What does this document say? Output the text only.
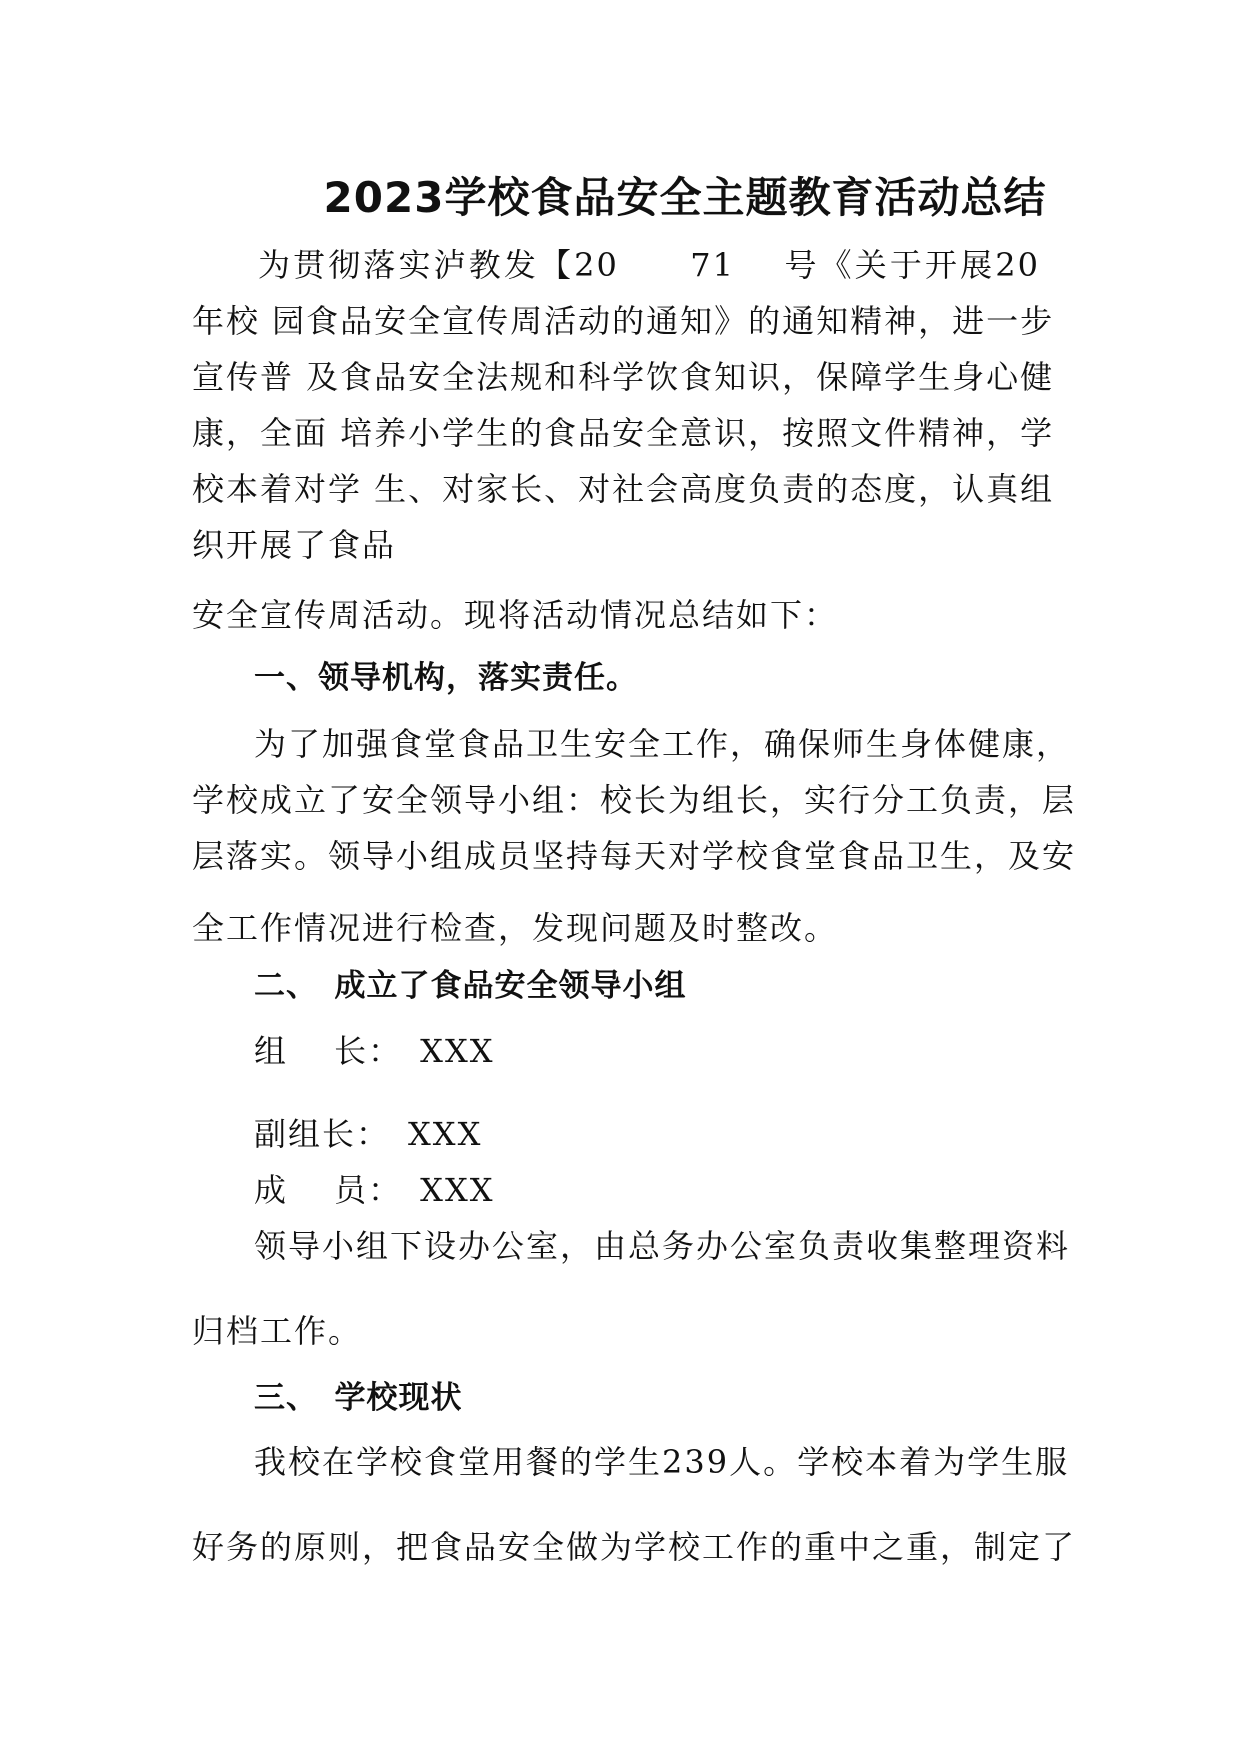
2023学校食品安全主题教育活动总结
为贯彻落实泸教发【20　　71　 号《关于开展20
年校 园食品安全宣传周活动的通知》的通知精神，进一步
宣传普 及食品安全法规和科学饮食知识，保障学生身心健
康，全面 培养小学生的食品安全意识，按照文件精神，学
校本着对学 生、对家长、对社会高度负责的态度，认真组
织开展了食品
安全宣传周活动。现将活动情况总结如下：
一、领导机构，落实责任。
为了加强食堂食品卫生安全工作，确保师生身体健康，
学校成立了安全领导小组：校长为组长，实行分工负责，层
层落实。领导小组成员坚持每天对学校食堂食品卫生，及安
全工作情况进行检查，发现问题及时整改。
二、　成立了食品安全领导小组
组　 长：　XXX
副组长：　XXX
成　 员：　XXX
领导小组下设办公室，由总务办公室负责收集整理资料
归档工作。
三、　学校现状
我校在学校食堂用餐的学生239人。学校本着为学生服
好务的原则，把食品安全做为学校工作的重中之重，制定了
